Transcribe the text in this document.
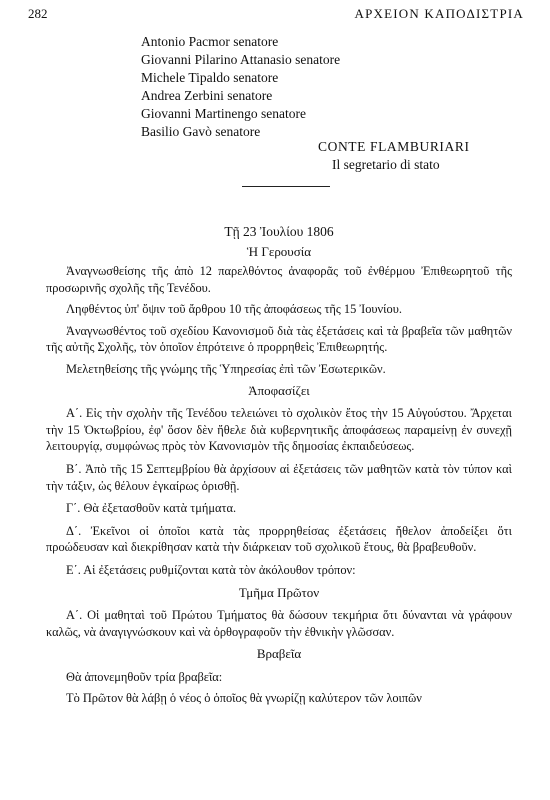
282	ΑΡΧΕΙΟΝ ΚΑΠΟΔΙΣΤΡΙΑ
Antonio Pacmor senatore
Giovanni Pilarino Attanasio senatore
Michele Tipaldo senatore
Andrea Zerbini senatore
Giovanni Martinengo senatore
Basilio Gavò senatore
CONTE FLAMBURIARI
Il segretario di stato
Τῇ 23 Ἰουλίου 1806
Ἡ Γερουσία

Ἀναγνωσθείσης τῆς ἀπὸ 12 παρελθόντος ἀναφορᾶς τοῦ ἐνθέρμου Ἐπιθεωρητοῦ τῆς προσωρινῆς σχολῆς τῆς Τενέδου.

Ληφθέντος ὑπ' ὄψιν τοῦ ἄρθρου 10 τῆς ἀποφάσεως τῆς 15 Ἰουνίου.

Ἀναγνωσθέντος τοῦ σχεδίου Κανονισμοῦ διὰ τὰς ἐξετάσεις καὶ τὰ βραβεῖα τῶν μαθητῶν τῆς αὐτῆς Σχολῆς, τὸν ὁποῖον ἐπρότεινε ὁ προρρηθεὶς Ἐπιθεωρητής.

Μελετηθείσης τῆς γνώμης τῆς Ὑπηρεσίας ἐπὶ τῶν Ἐσωτερικῶν.

Ἀποφασίζει

Α΄. Εἰς τὴν σχολὴν τῆς Τενέδου τελειώνει τὸ σχολικὸν ἔτος τὴν 15 Αὐγούστου. Ἄρχεται τὴν 15 Ὀκτωβρίου, ἐφ' ὅσον δὲν ἤθελε διὰ κυβερνητικῆς ἀποφάσεως παραμείνῃ ἐν συνεχῇ λειτουργίᾳ, συμφώνως πρὸς τὸν Κανονισμὸν τῆς δημοσίας ἐκπαιδεύσεως.

Β΄. Ἀπὸ τῆς 15 Σεπτεμβρίου θὰ ἀρχίσουν αἱ ἐξετάσεις τῶν μαθητῶν κατὰ τὸν τύπον καὶ τὴν τάξιν, ὡς θέλουν ἐγκαίρως ὁρισθῇ.

Γ΄. Θὰ ἐξετασθοῦν κατὰ τμήματα.

Δ΄. Ἐκεῖνοι οἱ ὁποῖοι κατὰ τὰς προρρηθείσας ἐξετάσεις ἤθελον ἀποδείξει ὅτι προώδευσαν καὶ διεκρίθησαν κατὰ τὴν διάρκειαν τοῦ σχολικοῦ ἔτους, θὰ βραβευθοῦν.

Ε΄. Αἱ ἐξετάσεις ρυθμίζονται κατὰ τὸν ἀκόλουθον τρόπον:

Τμῆμα Πρῶτον

Α΄. Οἱ μαθηταὶ τοῦ Πρώτου Τμήματος θὰ δώσουν τεκμήρια ὅτι δύνανται νὰ γράφουν καλῶς, νὰ ἀναγιγνώσκουν καὶ νὰ ὀρθογραφοῦν τὴν ἐθνικὴν γλῶσσαν.

Βραβεῖα

Θὰ ἀπονεμηθοῦν τρία βραβεῖα:

Τὸ Πρῶτον θὰ λάβῃ ὁ νέος ὁ ὁποῖος θὰ γνωρίζῃ καλύτερον τῶν λοιπῶν
